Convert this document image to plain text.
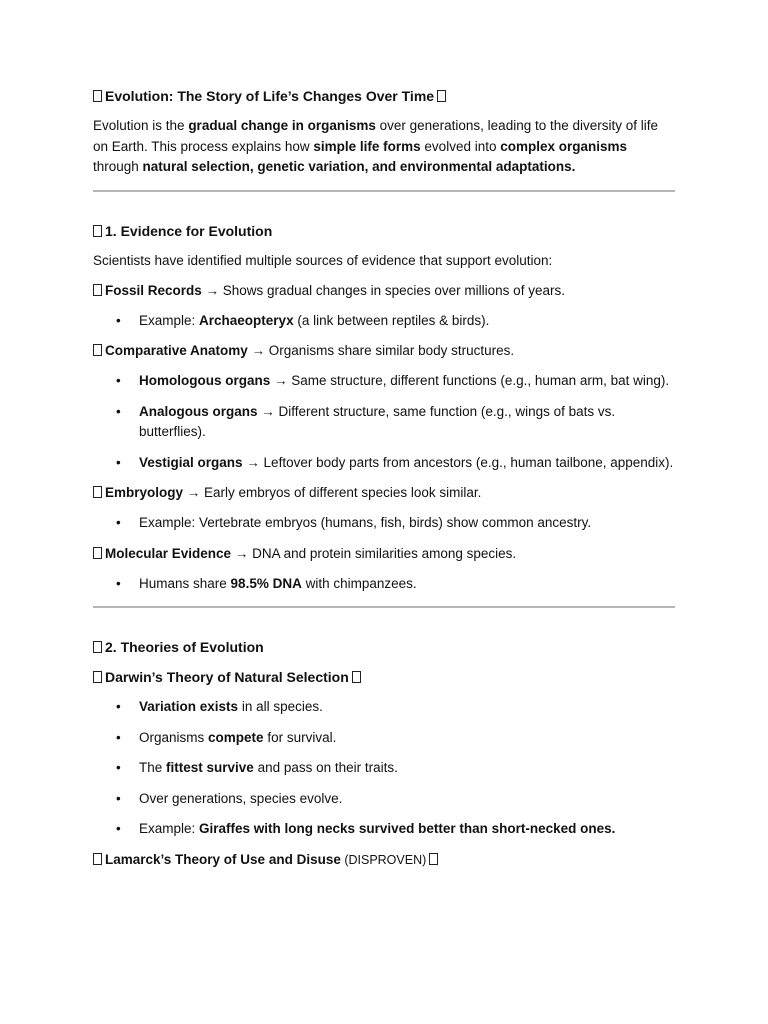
Evolution: The Story of Life’s Changes Over Time

Evolution is the gradual change in organisms over generations, leading to the diversity of life on Earth. This process explains how simple life forms evolved into complex organisms through natural selection, genetic variation, and environmental adaptations.

1. Evidence for Evolution

Scientists have identified multiple sources of evidence that support evolution:

Fossil Records → Shows gradual changes in species over millions of years.

• Example: Archaeopteryx (a link between reptiles & birds).

Comparative Anatomy → Organisms share similar body structures.

• Homologous organs → Same structure, different functions (e.g., human arm, bat wing).
• Analogous organs → Different structure, same function (e.g., wings of bats vs. butterflies).
• Vestigial organs → Leftover body parts from ancestors (e.g., human tailbone, appendix).

Embryology → Early embryos of different species look similar.

• Example: Vertebrate embryos (humans, fish, birds) show common ancestry.

Molecular Evidence → DNA and protein similarities among species.

• Humans share 98.5% DNA with chimpanzees.

2. Theories of Evolution

Darwin’s Theory of Natural Selection

• Variation exists in all species.
• Organisms compete for survival.
• The fittest survive and pass on their traits.
• Over generations, species evolve.
• Example: Giraffes with long necks survived better than short-necked ones.

Lamarck’s Theory of Use and Disuse (DISPROVEN)
